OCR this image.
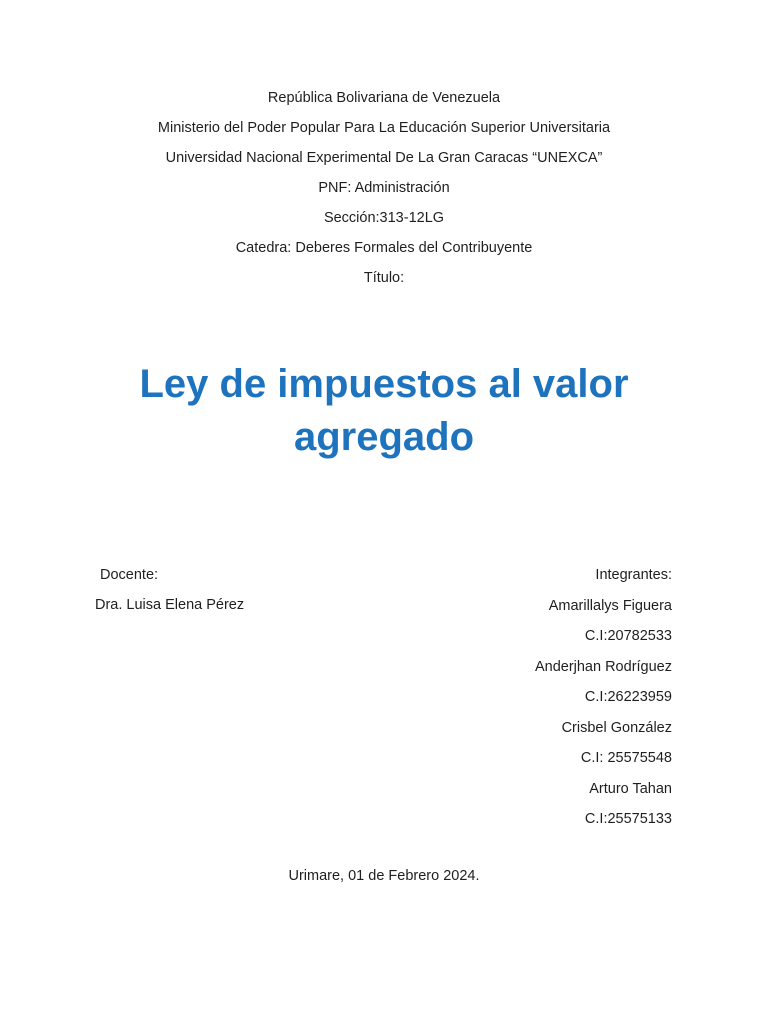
República Bolivariana de Venezuela
Ministerio del Poder Popular Para La Educación Superior Universitaria
Universidad Nacional Experimental De La Gran Caracas “UNEXCA”
PNF: Administración
Sección:313-12LG
Catedra: Deberes Formales del Contribuyente
Título:
Ley de impuestos al valor
agregado
Docente:
Dra. Luisa Elena Pérez
Integrantes:
Amarillalys Figuera
C.I:20782533
Anderjhan Rodríguez
C.I:26223959
Crisbel González
C.I: 25575548
Arturo Tahan
C.I:25575133
Urimare, 01 de Febrero 2024.
